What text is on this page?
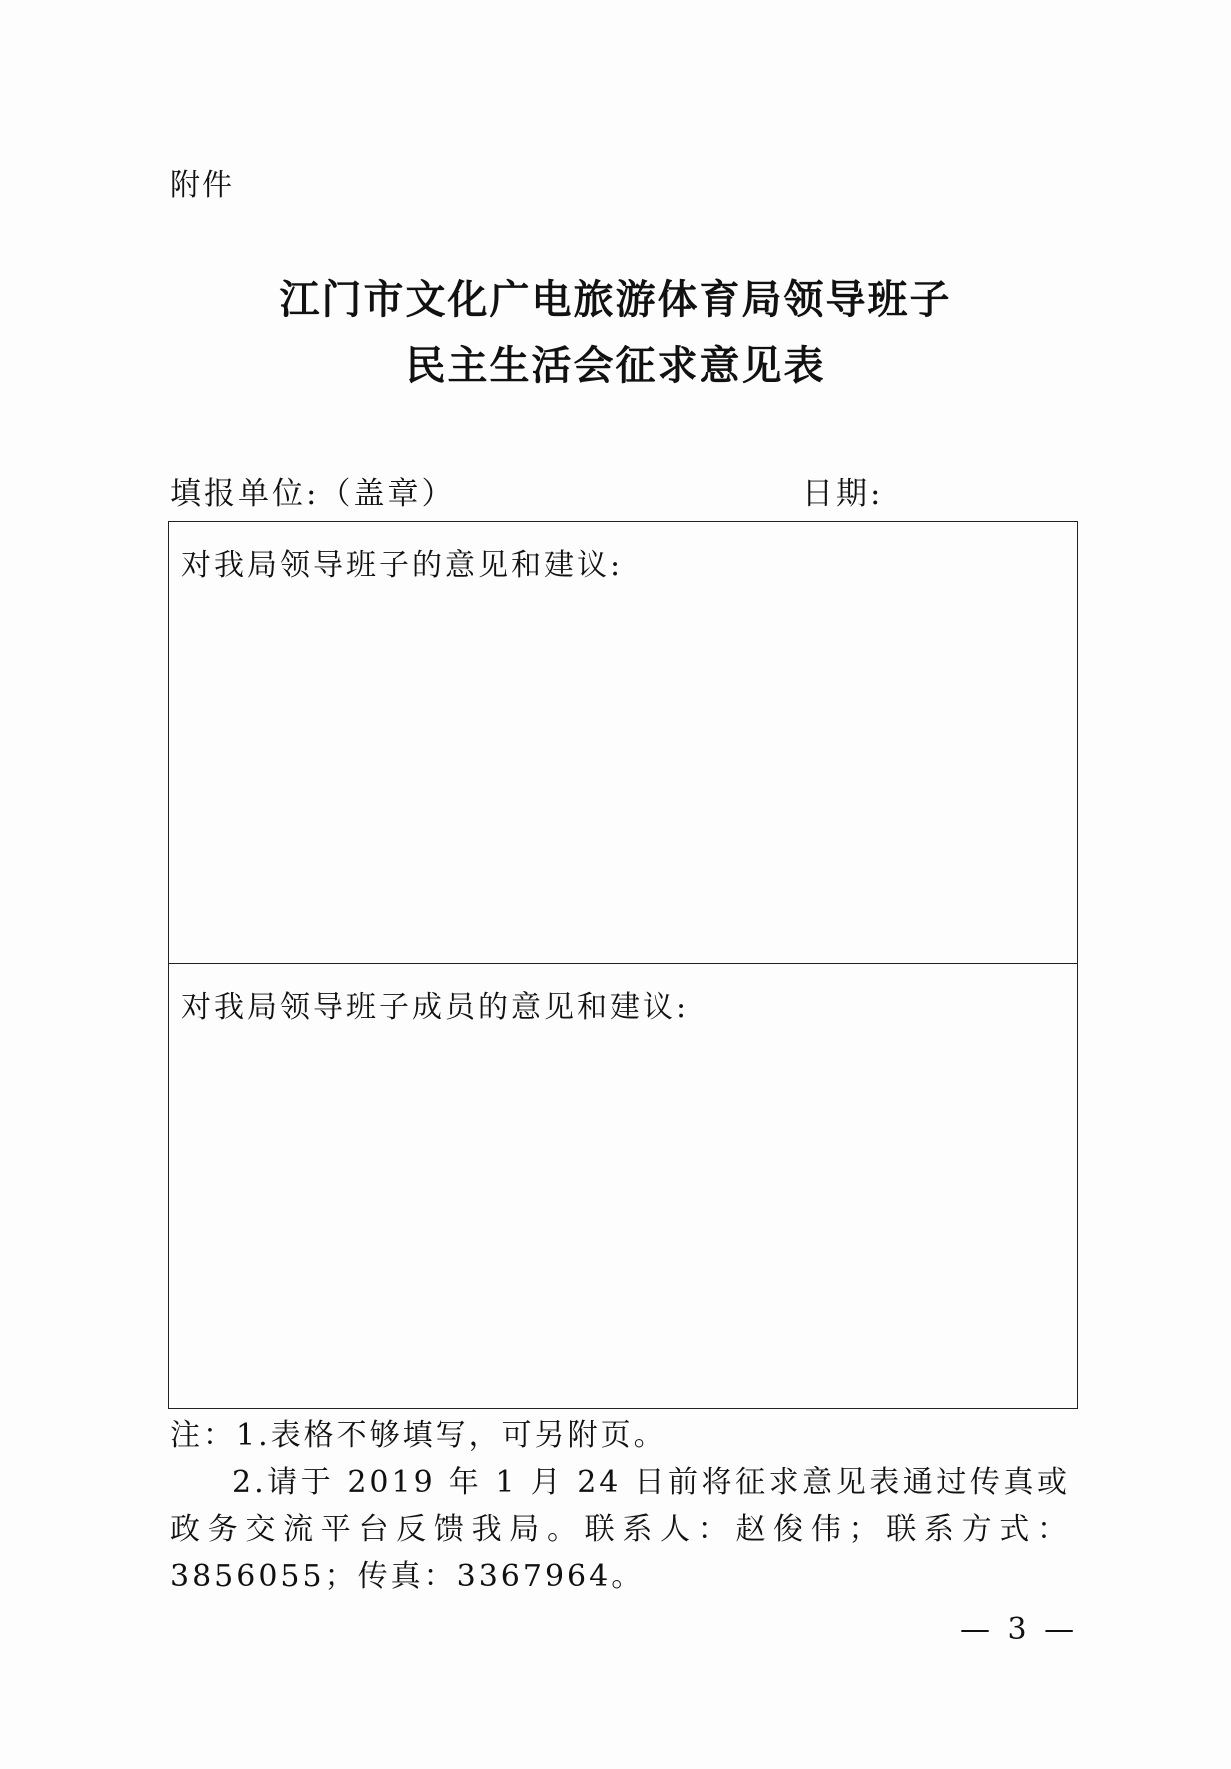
附件
江门市文化广电旅游体育局领导班子
民主生活会征求意见表
填报单位:（盖章）	日期:
对我局领导班子的意见和建议:
对我局领导班子成员的意见和建议:
注：1.表格不够填写，可另附页。
2.请于 2019 年 1 月 24 日前将征求意见表通过传真或政务交流平台反馈我局。联系人：赵俊伟；联系方式：3856055；传真：3367964。
— 3 —
